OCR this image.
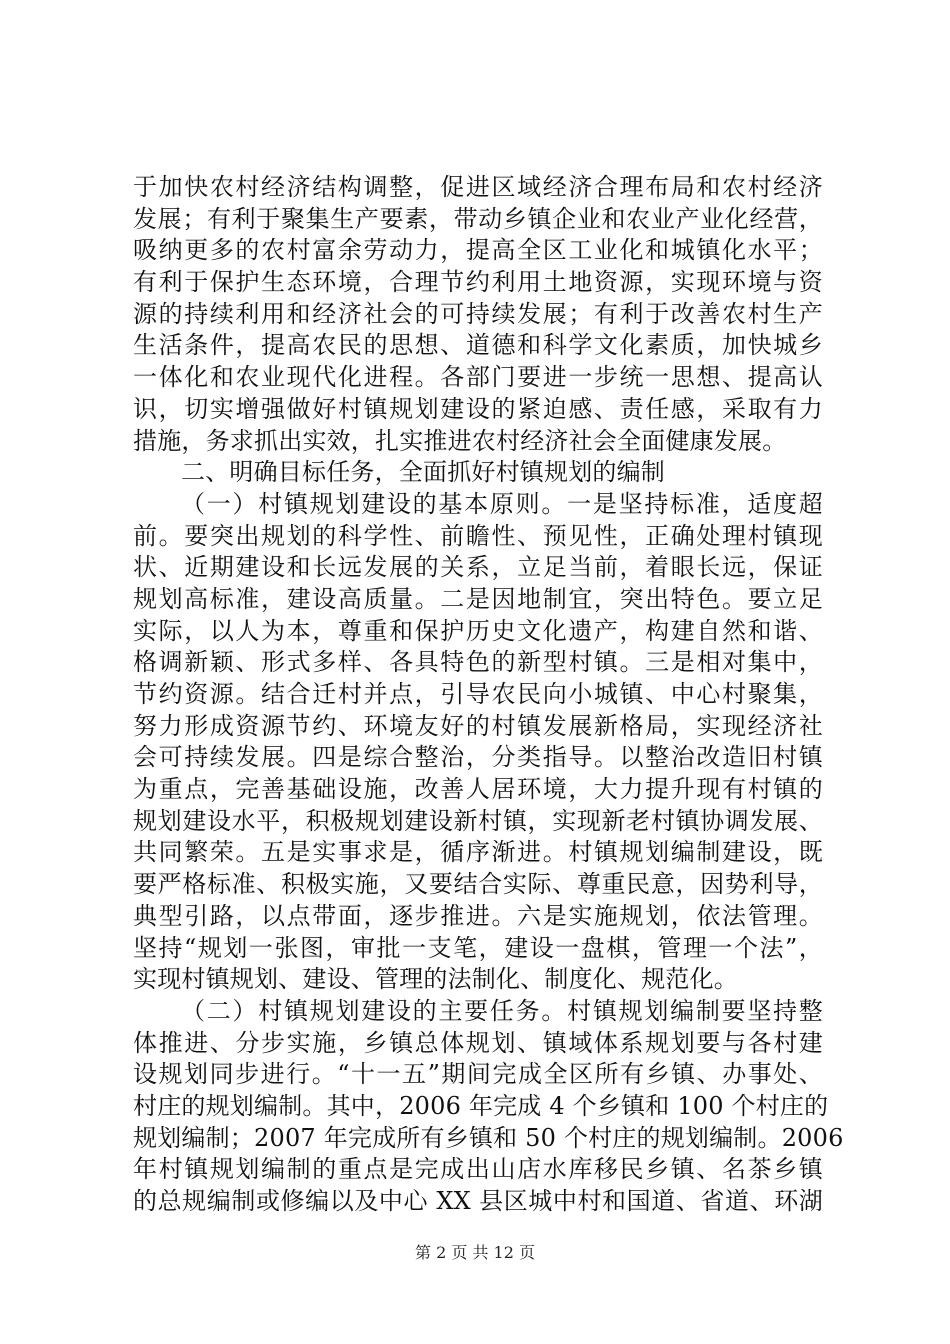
于加快农村经济结构调整，促进区域经济合理布局和农村经济
发展；有利于聚集生产要素，带动乡镇企业和农业产业化经营，
吸纳更多的农村富余劳动力，提高全区工业化和城镇化水平；
有利于保护生态环境，合理节约利用土地资源，实现环境与资
源的持续利用和经济社会的可持续发展；有利于改善农村生产
生活条件，提高农民的思想、道德和科学文化素质，加快城乡
一体化和农业现代化进程。各部门要进一步统一思想、提高认
识，切实增强做好村镇规划建设的紧迫感、责任感，采取有力
措施，务求抓出实效，扎实推进农村经济社会全面健康发展。
二、明确目标任务，全面抓好村镇规划的编制
（一）村镇规划建设的基本原则。一是坚持标准，适度超
前。要突出规划的科学性、前瞻性、预见性，正确处理村镇现
状、近期建设和长远发展的关系，立足当前，着眼长远，保证
规划高标准，建设高质量。二是因地制宜，突出特色。要立足
实际，以人为本，尊重和保护历史文化遗产，构建自然和谐、
格调新颖、形式多样、各具特色的新型村镇。三是相对集中，
节约资源。结合迁村并点，引导农民向小城镇、中心村聚集，
努力形成资源节约、环境友好的村镇发展新格局，实现经济社
会可持续发展。四是综合整治，分类指导。以整治改造旧村镇
为重点，完善基础设施，改善人居环境，大力提升现有村镇的
规划建设水平，积极规划建设新村镇，实现新老村镇协调发展、
共同繁荣。五是实事求是，循序渐进。村镇规划编制建设，既
要严格标准、积极实施，又要结合实际、尊重民意，因势利导，
典型引路，以点带面，逐步推进。六是实施规划，依法管理。
坚持“规划一张图，审批一支笔，建设一盘棋，管理一个法”，
实现村镇规划、建设、管理的法制化、制度化、规范化。
（二）村镇规划建设的主要任务。村镇规划编制要坚持整
体推进、分步实施，乡镇总体规划、镇域体系规划要与各村建
设规划同步进行。“十一五”期间完成全区所有乡镇、办事处、
村庄的规划编制。其中，2006 年完成 4 个乡镇和 100 个村庄的
规划编制；2007 年完成所有乡镇和 50 个村庄的规划编制。2006
年村镇规划编制的重点是完成出山店水库移民乡镇、名茶乡镇
的总规编制或修编以及中心 XX 县区城中村和国道、省道、环湖
第 2 页 共 12 页
